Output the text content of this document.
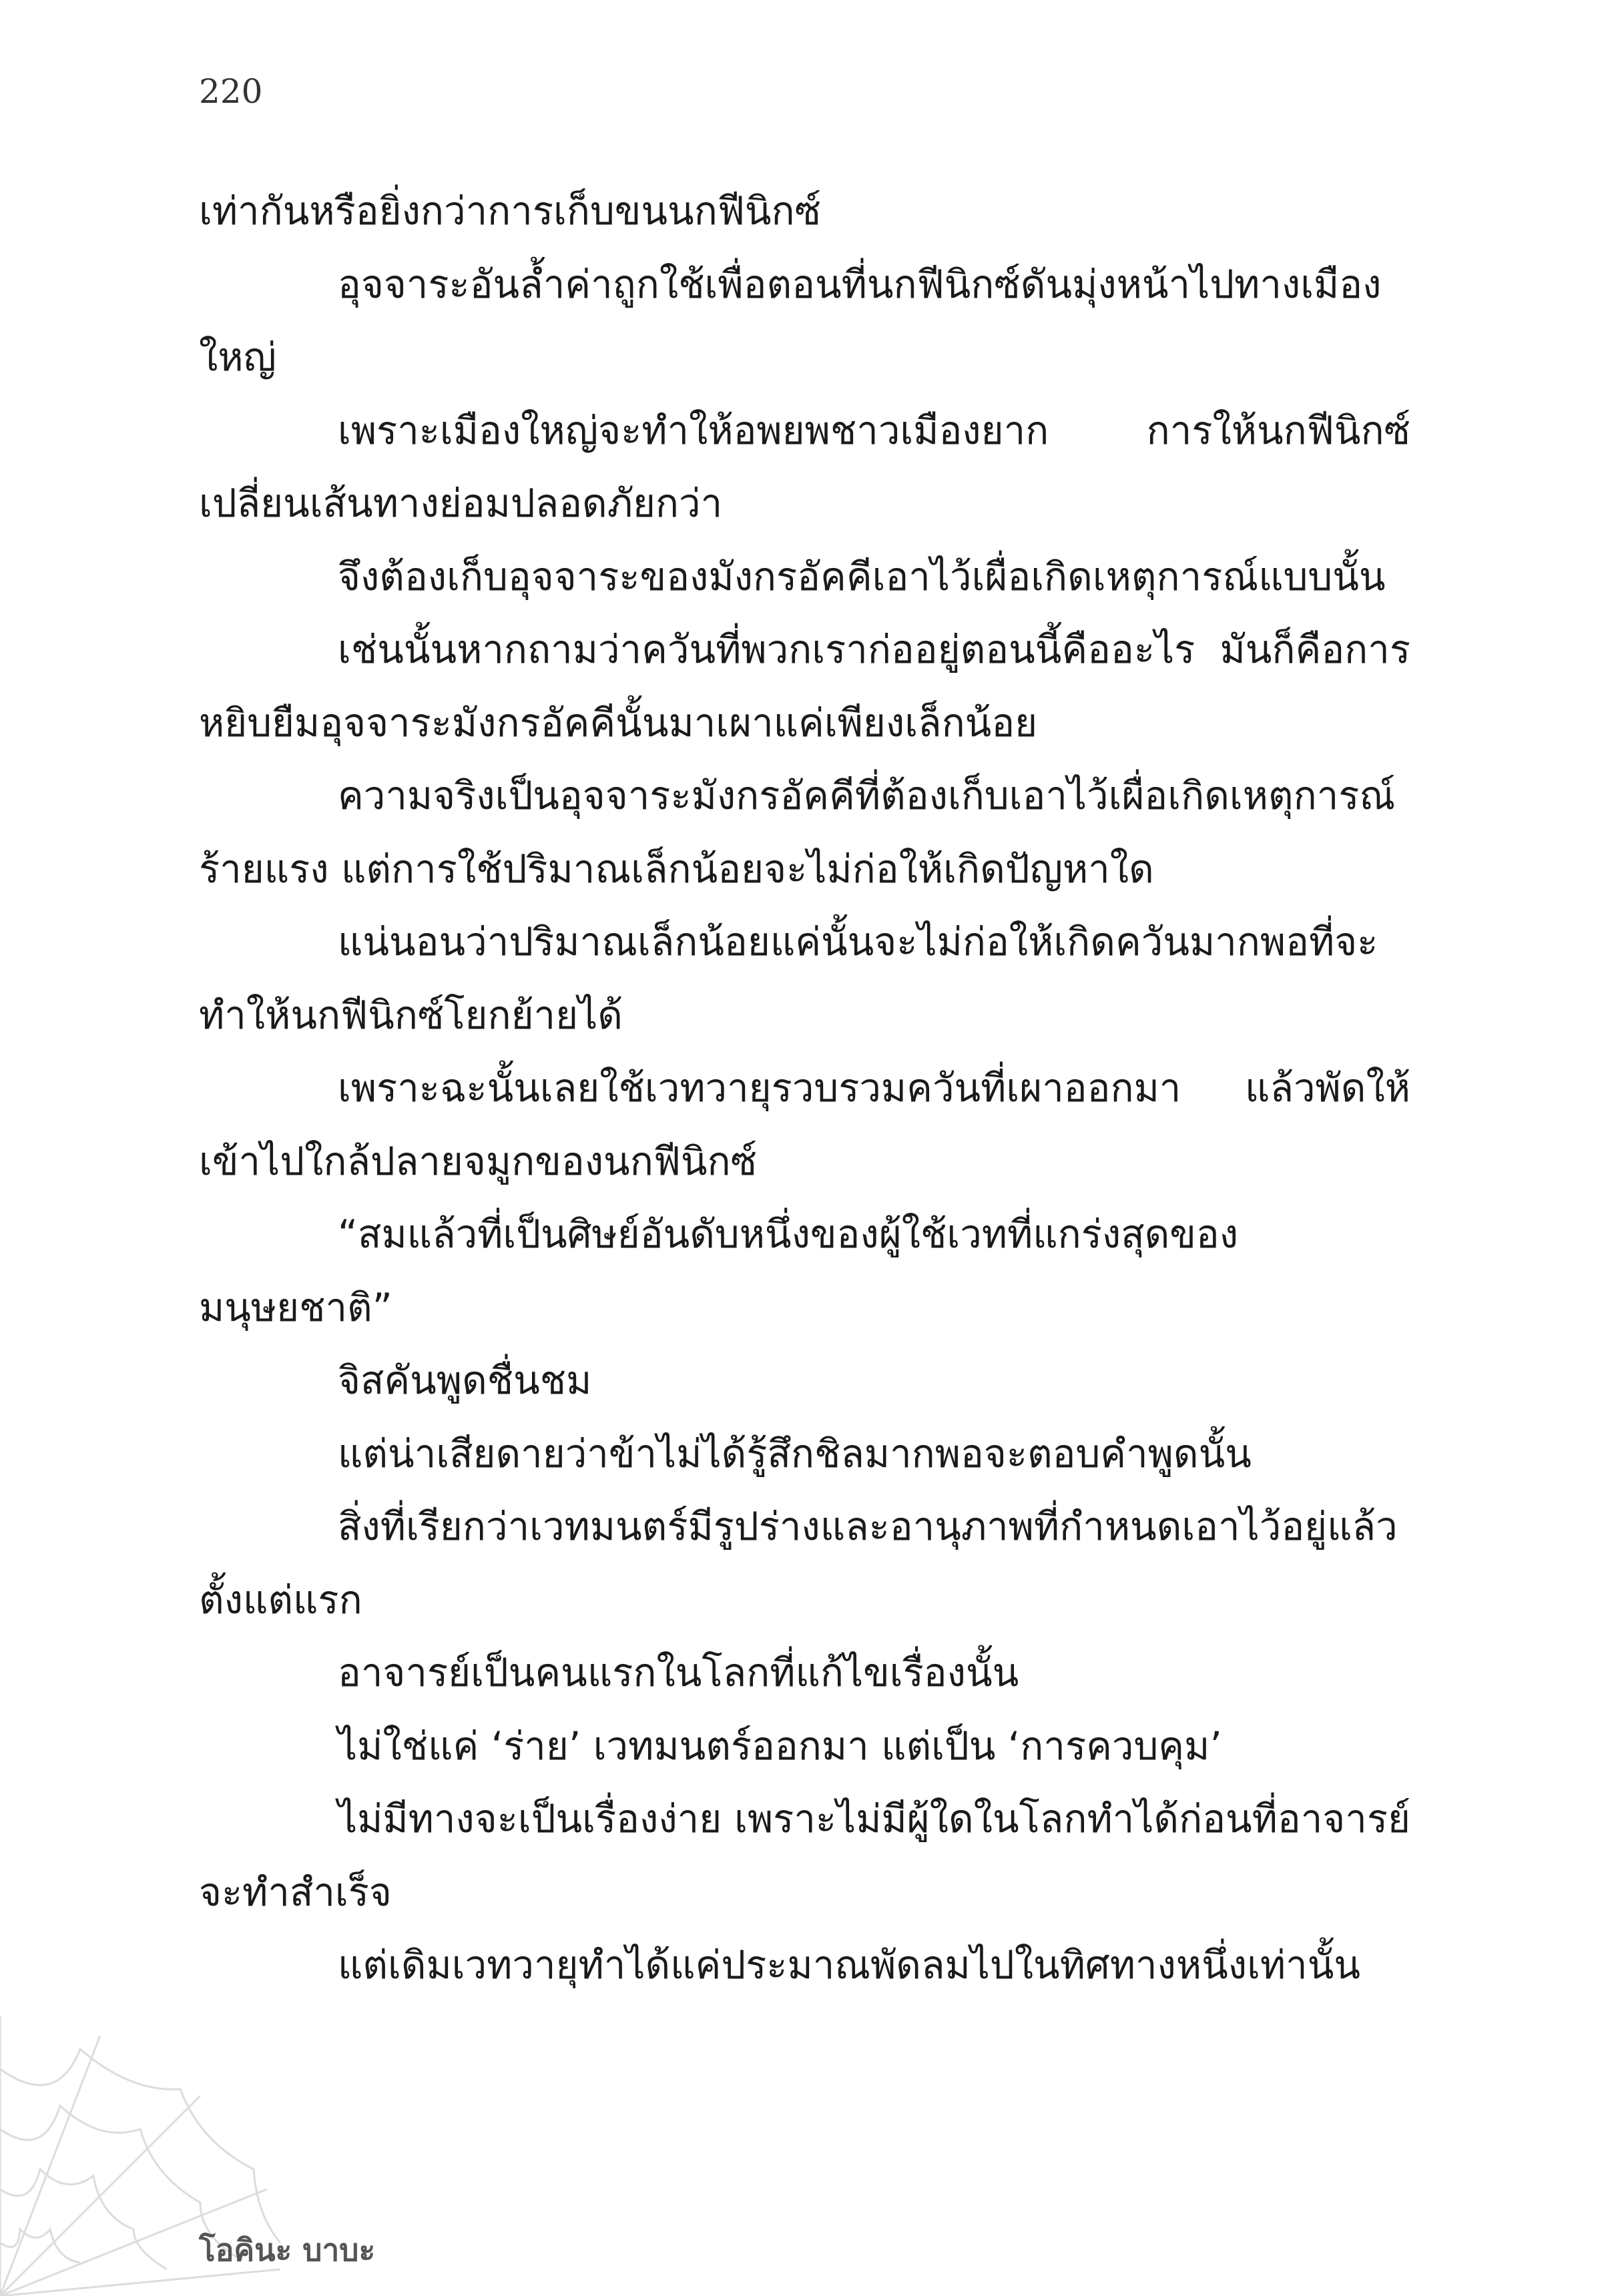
220

เท่ากันหรือยิ่งกว่าการเก็บขนนกฟีนิกซ์

อุจจาระอันล้ำค่าถูกใช้เพื่อตอนที่นกฟีนิกซ์ดันมุ่งหน้าไปทางเมืองใหญ่

เพราะเมืองใหญ่จะทำให้อพยพชาวเมืองยาก การให้นกฟีนิกซ์เปลี่ยนเส้นทางย่อมปลอดภัยกว่า

จึงต้องเก็บอุจจาระของมังกรอัคคีเอาไว้เผื่อเกิดเหตุการณ์แบบนั้น

เช่นนั้นหากถามว่าควันที่พวกเราก่ออยู่ตอนนี้คืออะไร มันก็คือการหยิบยืมอุจจาระมังกรอัคคีนั้นมาเผาแค่เพียงเล็กน้อย

ความจริงเป็นอุจจาระมังกรอัคคีที่ต้องเก็บเอาไว้เผื่อเกิดเหตุการณ์ร้ายแรง แต่การใช้ปริมาณเล็กน้อยจะไม่ก่อให้เกิดปัญหาใด

แน่นอนว่าปริมาณเล็กน้อยแค่นั้นจะไม่ก่อให้เกิดควันมากพอที่จะทำให้นกฟีนิกซ์โยกย้ายได้

เพราะฉะนั้นเลยใช้เวทวายุรวบรวมควันที่เผาออกมา แล้วพัดให้เข้าไปใกล้ปลายจมูกของนกฟีนิกซ์

“สมแล้วที่เป็นศิษย์อันดับหนึ่งของผู้ใช้เวทที่แกร่งสุดของมนุษยชาติ”

จิสคันพูดชื่นชม

แต่น่าเสียดายว่าข้าไม่ได้รู้สึกชิลมากพอจะตอบคำพูดนั้น

สิ่งที่เรียกว่าเวทมนตร์มีรูปร่างและอานุภาพที่กำหนดเอาไว้อยู่แล้วตั้งแต่แรก

อาจารย์เป็นคนแรกในโลกที่แก้ไขเรื่องนั้น

ไม่ใช่แค่ ‘ร่าย’ เวทมนตร์ออกมา แต่เป็น ‘การควบคุม’

ไม่มีทางจะเป็นเรื่องง่าย เพราะไม่มีผู้ใดในโลกทำได้ก่อนที่อาจารย์จะทำสำเร็จ

แต่เดิมเวทวายุทำได้แค่ประมาณพัดลมไปในทิศทางหนึ่งเท่านั้น

โอคินะ บาบะ
